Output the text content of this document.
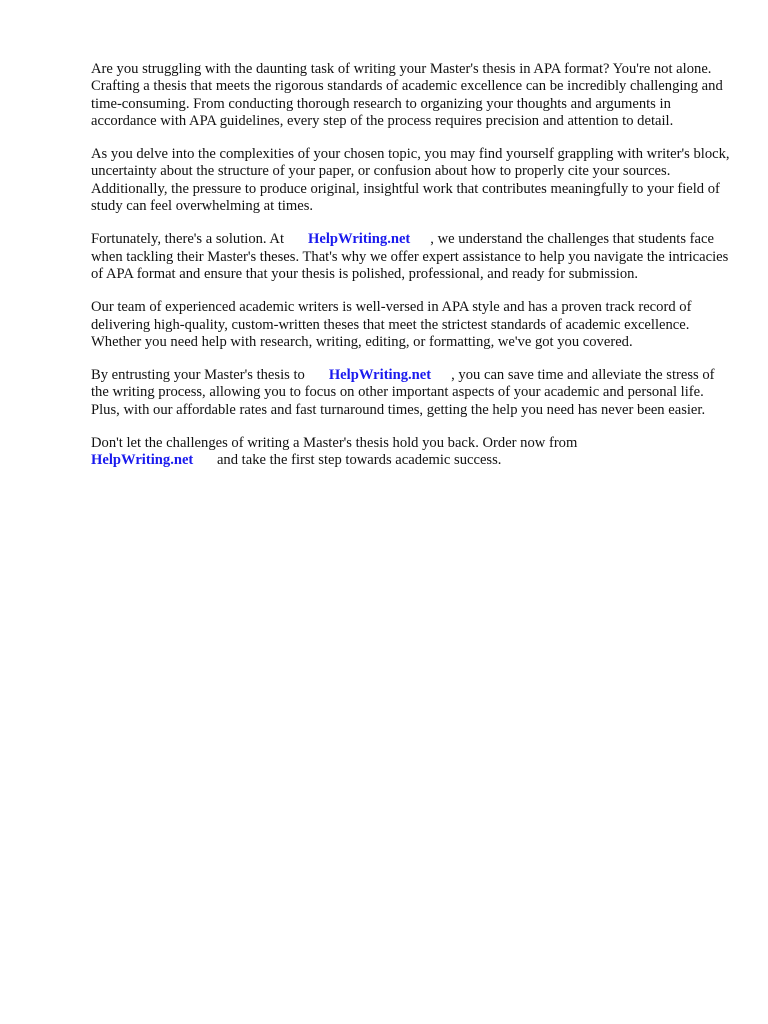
Are you struggling with the daunting task of writing your Master's thesis in APA format? You're not alone. Crafting a thesis that meets the rigorous standards of academic excellence can be incredibly challenging and time-consuming. From conducting thorough research to organizing your thoughts and arguments in accordance with APA guidelines, every step of the process requires precision and attention to detail.

As you delve into the complexities of your chosen topic, you may find yourself grappling with writer's block, uncertainty about the structure of your paper, or confusion about how to properly cite your sources. Additionally, the pressure to produce original, insightful work that contributes meaningfully to your field of study can feel overwhelming at times.

Fortunately, there's a solution. At HelpWriting.net , we understand the challenges that students face when tackling their Master's theses. That's why we offer expert assistance to help you navigate the intricacies of APA format and ensure that your thesis is polished, professional, and ready for submission.

Our team of experienced academic writers is well-versed in APA style and has a proven track record of delivering high-quality, custom-written theses that meet the strictest standards of academic excellence. Whether you need help with research, writing, editing, or formatting, we've got you covered.

By entrusting your Master's thesis to HelpWriting.net , you can save time and alleviate the stress of the writing process, allowing you to focus on other important aspects of your academic and personal life. Plus, with our affordable rates and fast turnaround times, getting the help you need has never been easier.

Don't let the challenges of writing a Master's thesis hold you back. Order now from
HelpWriting.net and take the first step towards academic success.
